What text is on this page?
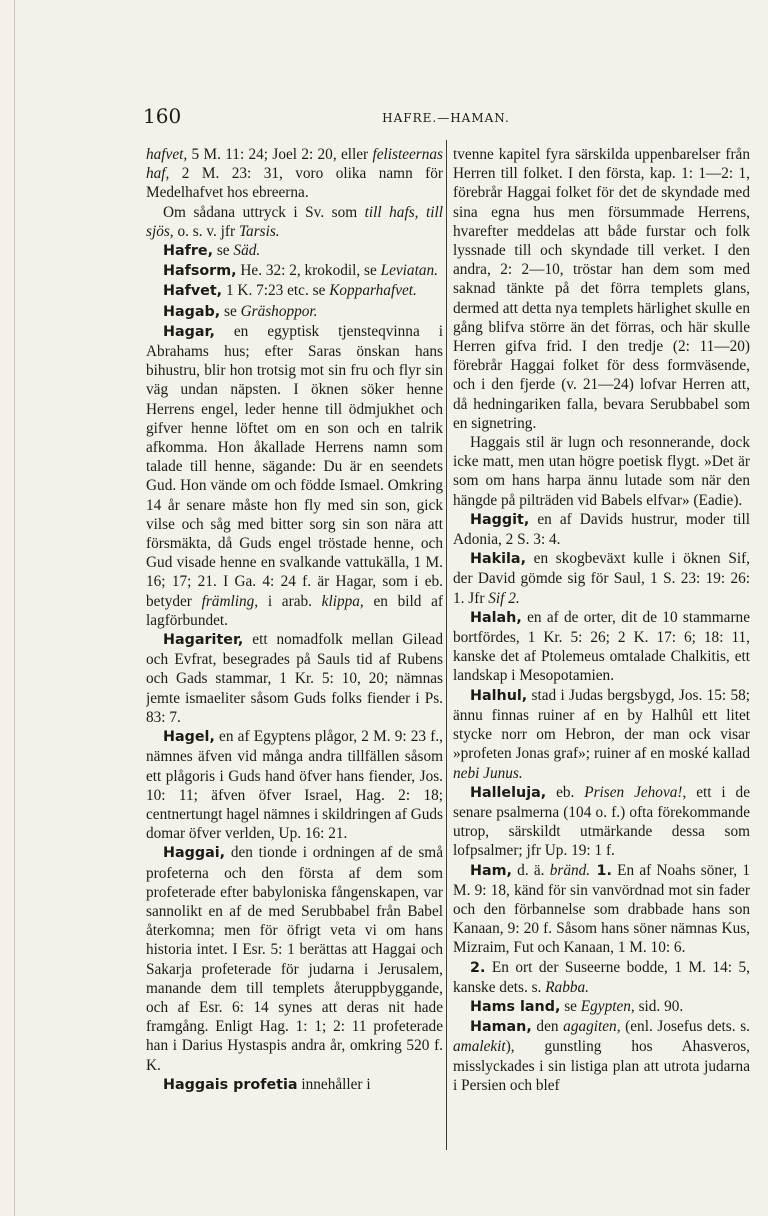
160	HAFRE.—HAMAN.

hafvet, 5 M. 11: 24; Joel 2: 20, eller felisteernas haf, 2 M. 23: 31, voro olika namn för Medelhafvet hos ebreerna.

Om sådana uttryck i Sv. som till hafs, till sjös, o. s. v. jfr Tarsis.

Hafre, se Säd.

Hafsorm, He. 32: 2, krokodil, se Leviatan.

Hafvet, 1 K. 7:23 etc. se Kopparhafvet.

Hagab, se Gräshoppor.

Hagar, en egyptisk tjensteqvinna i Abrahams hus; efter Saras önskan hans bihustru, blir hon trotsig mot sin fru och flyr sin väg undan näpsten. I öknen söker henne Herrens engel, leder henne till ödmjukhet och gifver henne löftet om en son och en talrik afkomma. Hon åkallade Herrens namn som talade till henne, sägande: Du är en seendets Gud. Hon vände om och födde Ismael. Omkring 14 år senare måste hon fly med sin son, gick vilse och såg med bitter sorg sin son nära att försmäkta, då Guds engel tröstade henne, och Gud visade henne en svalkande vattukälla, 1 M. 16; 17; 21. I Ga. 4: 24 f. är Hagar, som i eb. betyder främling, i arab. klippa, en bild af lagförbundet.

Hagariter, ett nomadfolk mellan Gilead och Evfrat, besegrades på Sauls tid af Rubens och Gads stammar, 1 Kr. 5: 10, 20; nämnas jemte ismaeliter såsom Guds folks fiender i Ps. 83: 7.

Hagel, en af Egyptens plågor, 2 M. 9: 23 f., nämnes äfven vid många andra tillfällen såsom ett plågoris i Guds hand öfver hans fiender, Jos. 10: 11; äfven öfver Israel, Hag. 2: 18; centnertungt hagel nämnes i skildringen af Guds domar öfver verlden, Up. 16: 21.

Haggai, den tionde i ordningen af de små profeterna och den första af dem som profeterade efter babyloniska fångenskapen, var sannolikt en af de med Serubbabel från Babel återkomna; men för öfrigt veta vi om hans historia intet. I Esr. 5: 1 berättas att Haggai och Sakarja profeterade för judarna i Jerusalem, manande dem till templets återuppbyggande, och af Esr. 6: 14 synes att deras nit hade framgång. Enligt Hag. 1: 1; 2: 11 profeterade han i Darius Hystaspis andra år, omkring 520 f. K.

Haggais profetia innehåller i

tvenne kapitel fyra särskilda uppenbarelser från Herren till folket. I den första, kap. 1: 1—2: 1, förebrår Haggai folket för det de skyndade med sina egna hus men försummade Herrens, hvarefter meddelas att både furstar och folk lyssnade till och skyndade till verket. I den andra, 2: 2—10, tröstar han dem som med saknad tänkte på det förra templets glans, dermed att detta nya templets härlighet skulle en gång blifva större än det förras, och här skulle Herren gifva frid. I den tredje (2: 11—20) förebrår Haggai folket för dess formväsende, och i den fjerde (v. 21—24) lofvar Herren att, då hedningariken falla, bevara Serubbabel som en signetring.

Haggais stil är lugn och resonnerande, dock icke matt, men utan högre poetisk flygt. »Det är som om hans harpa ännu lutade som när den hängde på pilträden vid Babels elfvar» (Eadie).

Haggit, en af Davids hustrur, moder till Adonia, 2 S. 3: 4.

Hakila, en skogbeväxt kulle i öknen Sif, der David gömde sig för Saul, 1 S. 23: 19: 26: 1. Jfr Sif 2.

Halah, en af de orter, dit de 10 stammarne bortfördes, 1 Kr. 5: 26; 2 K. 17: 6; 18: 11, kanske det af Ptolemeus omtalade Chalkitis, ett landskap i Mesopotamien.

Halhul, stad i Judas bergsbygd, Jos. 15: 58; ännu finnas ruiner af en by Halhûl ett litet stycke norr om Hebron, der man ock visar »profeten Jonas graf»; ruiner af en moské kallad nebi Junus.

Halleluja, eb. Prisen Jehova!, ett i de senare psalmerna (104 o. f.) ofta förekommande utrop, särskildt utmärkande dessa som lofpsalmer; jfr Up. 19: 1 f.

Ham, d. ä. bränd. 1. En af Noahs söner, 1 M. 9: 18, känd för sin vanvördnad mot sin fader och den förbannelse som drabbade hans son Kanaan, 9: 20 f. Såsom hans söner nämnas Kus, Mizraim, Fut och Kanaan, 1 M. 10: 6.

2. En ort der Suseerne bodde, 1 M. 14: 5, kanske dets. s. Rabba.

Hams land, se Egypten, sid. 90.

Haman, den agagiten, (enl. Josefus dets. s. amalekit), gunstling hos Ahasveros, misslyckades i sin listiga plan att utrota judarna i Persien och blef
